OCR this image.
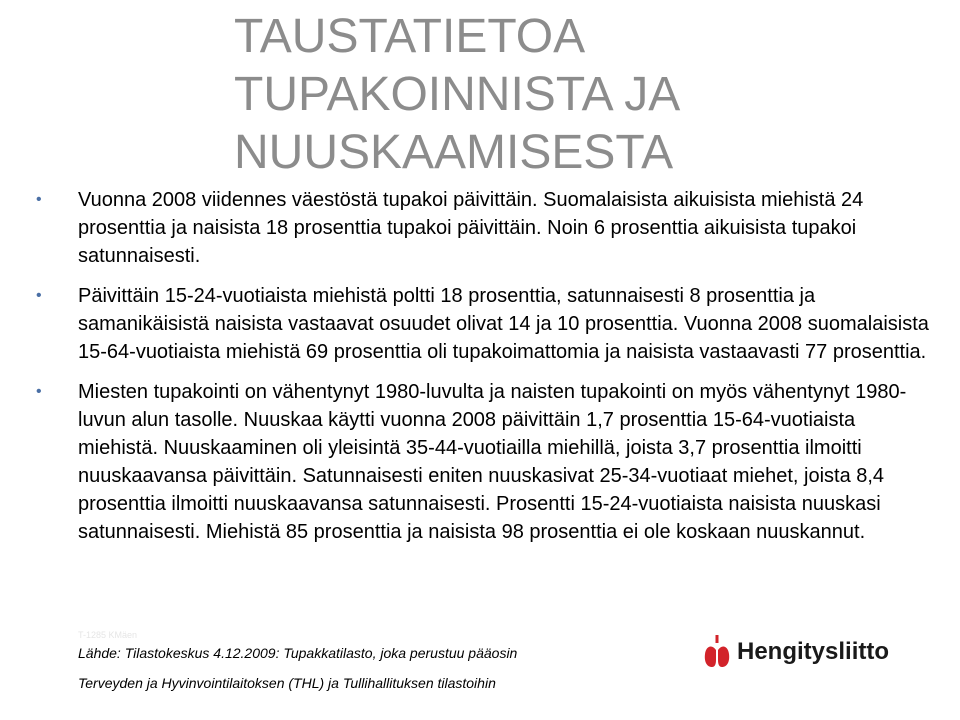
TAUSTATIETOA
TUPAKOINNISTA JA
NUUSKAAMISESTA
• Vuonna 2008 viidennes väestöstä tupakoi päivittäin. Suomalaisista aikuisista miehistä 24 prosenttia ja naisista 18 prosenttia tupakoi päivittäin. Noin 6 prosenttia aikuisista tupakoi satunnaisesti.
• Päivittäin 15-24-vuotiaista miehistä poltti 18 prosenttia, satunnaisesti 8 prosenttia ja samanikäisistä naisista vastaavat osuudet olivat 14 ja 10 prosenttia. Vuonna 2008 suomalaisista 15-64-vuotiaista miehistä 69 prosenttia oli tupakoimattomia ja naisista vastaavasti 77 prosenttia.
• Miesten tupakointi on vähentynyt 1980-luvulta ja naisten tupakointi on myös vähentynyt 1980-luvun alun tasolle. Nuuskaa käytti vuonna 2008 päivittäin 1,7 prosenttia 15-64-vuotiaista miehistä. Nuuskaaminen oli yleisintä 35-44-vuotiailla miehillä, joista 3,7 prosenttia ilmoitti nuuskaavansa päivittäin. Satunnaisesti eniten nuuskasivat 25-34-vuotiaat miehet, joista 8,4 prosenttia ilmoitti nuuskaavansa satunnaisesti. Prosentti 15-24-vuotiaista naisista nuuskasi satunnaisesti. Miehistä 85 prosenttia ja naisista 98 prosenttia ei ole koskaan nuuskannut.
T-1285 KMäen
Lähde: Tilastokeskus 4.12.2009: Tupakkatilasto, joka perustuu pääosin
Terveyden ja Hyvinvointilaitoksen (THL) ja Tullihallituksen tilastoihin
Hengitysliitto
